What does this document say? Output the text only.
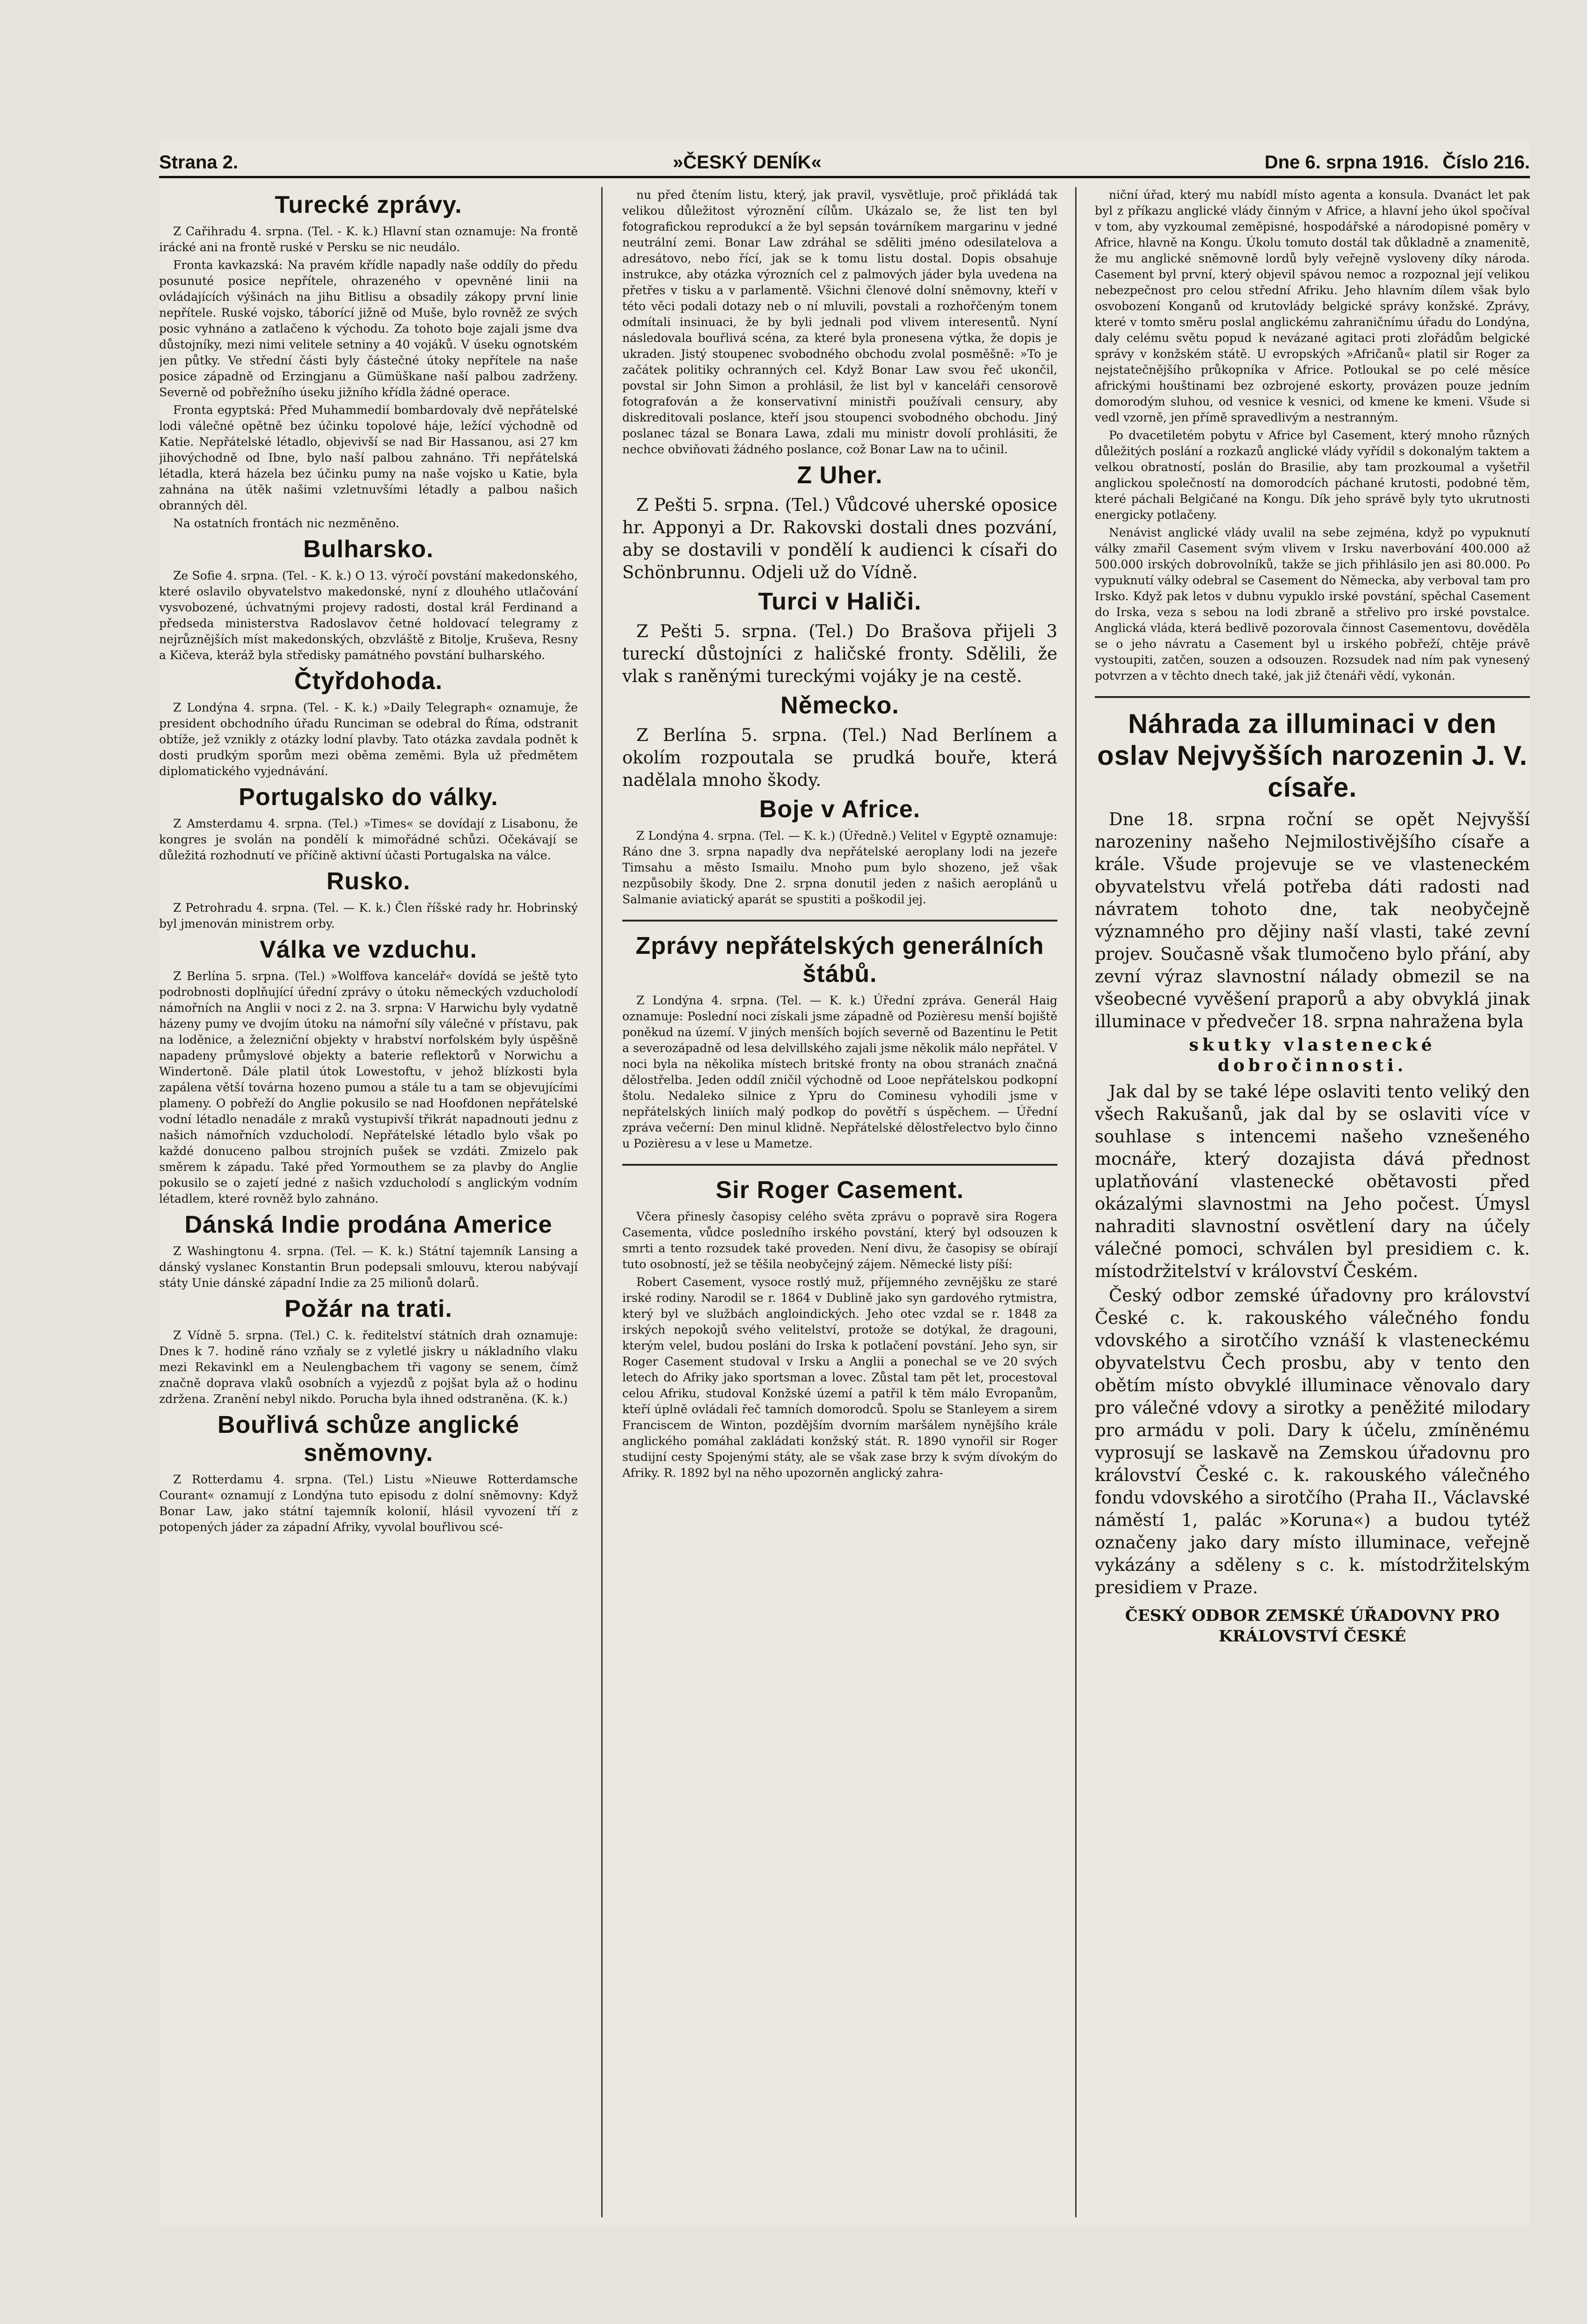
Strana 2.	»ČESKÝ DENÍK«	Dne 6. srpna 1916. Číslo 216.
Turecké zprávy.
Z Cařihradu 4. srpna. (Tel. - K. k.) Hlavní stan oznamuje: Na frontě irácké ani na frontě ruské v Persku se nic neudálo.
Fronta kavkazská: Na pravém křídle napadly naše oddíly do předu posunuté posice nepřítele, ohrazeného v opevněné linii na ovládajících výšinách na jihu Bitlisu a obsadily zákopy první linie nepřítele. Ruské vojsko, táborící jižně od Muše, bylo rovněž ze svých posic vyhnáno a zatlačeno k východu. Za tohoto boje zajali jsme dva důstojníky, mezi nimi velitele setniny a 40 vojáků. V úseku ognotském jen půtky. Ve střední části byly částečné útoky nepřítele na naše posice západně od Erzingjanu a Gümüškane naší palbou zadrženy. Severně od pobřežního úseku jižního křídla žádné operace.
Fronta egyptská: Před Muhammedií bombardovaly dvě nepřátelské lodi válečné opětně bez účinku topolové háje, ležící východně od Katie. Nepřátelské létadlo, objevivší se nad Bir Hassanou, asi 27 km jihovýchodně od Ibne, bylo naší palbou zahnáno. Tři nepřátelská létadla, která házela bez účinku pumy na naše vojsko u Katie, byla zahnána na útěk našimi vzletnuvšími létadly a palbou našich obranných děl.
Na ostatních frontách nic nezměněno.
Bulharsko.
Ze Sofie 4. srpna. (Tel. - K. k.) O 13. výročí povstání makedonského, které oslavilo obyvatelstvo makedonské, nyní z dlouhého utlačování vysvobozené, úchvatnými projevy radosti, dostal král Ferdinand a předseda ministerstva Radoslavov četné holdovací telegramy z nejrůznějších míst makedonských, obzvláště z Bitolje, Kruševa, Resny a Kičeva, kteráž byla středisky památného povstání bulharského.
Čtyřdohoda.
Z Londýna 4. srpna. (Tel. - K. k.) »Daily Telegraph« oznamuje, že president obchodního úřadu Runciman se odebral do Říma, odstranit obtíže, jež vznikly z otázky lodní plavby. Tato otázka zavdala podnět k dosti prudkým sporům mezi oběma zeměmi. Byla už předmětem diplomatického vyjednávání.
Portugalsko do války.
Z Amsterdamu 4. srpna. (Tel.) »Times« se dovídají z Lisabonu, že kongres je svolán na pondělí k mimořádné schůzi. Očekávají se důležitá rozhodnutí ve příčině aktivní účasti Portugalska na válce.
Rusko.
Z Petrohradu 4. srpna. (Tel. — K. k.) Člen říšské rady hr. Hobrinský byl jmenován ministrem orby.
Válka ve vzduchu.
Z Berlína 5. srpna. (Tel.) »Wolffova kancelář« dovídá se ještě tyto podrobnosti doplňující úřední zprávy o útoku německých vzducholodí námořních na Anglii v noci z 2. na 3. srpna: V Harwichu byly vydatně házeny pumy ve dvojím útoku na námořní síly válečné v přístavu, pak na loděnice, a železniční objekty v hrabství norfolském byly úspěšně napadeny průmyslové objekty a baterie reflektorů v Norwichu a Windertoně. Dále platil útok Lowestoftu, v jehož blízkosti byla zapálena větší továrna hozeno pumou a stále tu a tam se objevujícími plameny. O pobřeží do Anglie pokusilo se nad Hoofdonen nepřátelské vodní létadlo nenadále z mraků vystupivší třikrát napadnouti jednu z našich námořních vzducholodí. Nepřátelské létadlo bylo však po každé donuceno palbou strojních pušek se vzdáti. Zmizelo pak směrem k západu. Také před Yormouthem se za plavby do Anglie pokusilo se o zajetí jedné z našich vzducholodí s anglickým vodním létadlem, které rovněž bylo zahnáno.
Dánská Indie prodána Americe
Z Washingtonu 4. srpna. (Tel. — K. k.) Státní tajemník Lansing a dánský vyslanec Konstantin Brun podepsali smlouvu, kterou nabývají státy Unie dánské západní Indie za 25 milionů dolarů.
Požár na trati.
Z Vídně 5. srpna. (Tel.) C. k. ředitelství státních drah oznamuje: Dnes k 7. hodině ráno vzňaly se z vyletlé jiskry u nákladního vlaku mezi Rekavinkl em a Neulengbachem tři vagony se senem, čímž značně doprava vlaků osobních a vyjezdů z pojšat byla až o hodinu zdržena. Zranění nebyl nikdo. Porucha byla ihned odstraněna. (K. k.)
Bouřlivá schůze anglické sněmovny.
Z Rotterdamu 4. srpna. (Tel.) Listu »Nieuwe Rotterdamsche Courant« oznamují z Londýna tuto episodu z dolní sněmovny: Když Bonar Law, jako státní tajemník kolonií, hlásil vyvození tří z potopených jáder za západní Afriky, vyvolal bouřlivou scé-
nu před čtením listu, který, jak pravil, vysvětluje, proč přikládá tak velikou důležitost výroznění cílům. Ukázalo se, že list ten byl fotografickou reprodukcí a že byl sepsán továrníkem margarinu v jedné neutrální zemi. Bonar Law zdráhal se sděliti jméno odesilatelova a adresátovo, nebo řící, jak se k tomu listu dostal. Dopis obsahuje instrukce, aby otázka výrozních cel z palmových jáder byla uvedena na přetřes v tisku a v parlamentě. Všichni členové dolní sněmovny, kteří v této věci podali dotazy neb o ní mluvili, povstali a rozhořčeným tonem odmítali insinuaci, že by byli jednali pod vlivem interesentů. Nyní následovala bouřlivá scéna, za které byla pronesena výtka, že dopis je ukraden. Jistý stoupenec svobodného obchodu zvolal posměšně: »To je začátek politiky ochranných cel. Když Bonar Law svou řeč ukončil, povstal sir John Simon a prohlásil, že list byl v kanceláři censorově fotografován a že konservativní ministři používali censury, aby diskreditovali poslance, kteří jsou stoupenci svobodného obchodu. Jiný poslanec tázal se Bonara Lawa, zdali mu ministr dovolí prohlásiti, že nechce obviňovati žádného poslance, což Bonar Law na to učinil.
Z Uher.
Z Pešti 5. srpna. (Tel.) Vůdcové uherské oposice hr. Apponyi a Dr. Rakovski dostali dnes pozvání, aby se dostavili v pondělí k audienci k císaři do Schönbrunnu. Odjeli už do Vídně.
Turci v Haliči.
Z Pešti 5. srpna. (Tel.) Do Brašova přijeli 3 tureckí důstojníci z haličské fronty. Sdělili, že vlak s raněnými tureckými vojáky je na cestě.
Německo.
Z Berlína 5. srpna. (Tel.) Nad Berlínem a okolím rozpoutala se prudká bouře, která nadělala mnoho škody.
Boje v Africe.
Z Londýna 4. srpna. (Tel. — K. k.) (Úředně.) Velitel v Egyptě oznamuje: Ráno dne 3. srpna napadly dva nepřátelské aeroplany lodi na jezeře Timsahu a město Ismailu. Mnoho pum bylo shozeno, jež však nezpůsobily škody. Dne 2. srpna donutil jeden z našich aeroplánů u Salmanie aviatický aparát se spustiti a poškodil jej.
Zprávy nepřátelských generálních štábů.
Z Londýna 4. srpna. (Tel. — K. k.) Úřední zpráva. Generál Haig oznamuje: Poslední noci získali jsme západně od Pozièresu menší bojiště poněkud na území. V jiných menších bojích severně od Bazentinu le Petit a severozápadně od lesa delvillského zajali jsme několik málo nepřátel. V noci byla na několika místech britské fronty na obou stranách značná dělostřelba. Jeden oddíl zničil východně od Looe nepřátelskou podkopní štolu. Nedaleko silnice z Ypru do Cominesu vyhodili jsme v nepřátelských liniích malý podkop do povětří s úspěchem. — Úřední zpráva večerní: Den minul klidně. Nepřátelské dělostřelectvo bylo činno u Pozièresu a v lese u Mametze.
Sir Roger Casement.
Včera přinesly časopisy celého světa zprávu o popravě sira Rogera Casementa, vůdce posledního irského povstání, který byl odsouzen k smrti a tento rozsudek také proveden. Není divu, že časopisy se obírají tuto osobností, jež se těšila neobyčejný zájem. Německé listy píší:
Robert Casement, vysoce rostlý muž, příjemného zevnějšku ze staré irské rodiny. Narodil se r. 1864 v Dublině jako syn gardového rytmistra, který byl ve službách angloindických. Jeho otec vzdal se r. 1848 za irských nepokojů svého velitelství, protože se dotýkal, že dragouni, kterým velel, budou posláni do Irska k potlačení povstání. Jeho syn, sir Roger Casement studoval v Irsku a Anglii a ponechal se ve 20 svých letech do Afriky jako sportsman a lovec. Zůstal tam pět let, procestoval celou Afriku, studoval Konžské území a patřil k těm málo Evropanům, kteří úplně ovládali řeč tamních domorodců. Spolu se Stanleyem a sirem Franciscem de Winton, pozdějším dvorním maršálem nynějšího krále anglického pomáhal zakládati konžský stát. R. 1890 vynořil sir Roger studijní cesty Spojenými státy, ale se však zase brzy k svým dívokým do Afriky. R. 1892 byl na něho upozorněn anglický zahra-
niční úřad, který mu nabídl místo agenta a konsula. Dvanáct let pak byl z příkazu anglické vlády činným v Africe, a hlavní jeho úkol spočíval v tom, aby vyzkoumal zeměpisné, hospodářské a národopisné poměry v Africe, hlavně na Kongu. Úkolu tomuto dostál tak důkladně a znamenitě, že mu anglické sněmovně lordů byly veřejně vysloveny díky národa. Casement byl první, který objevil spávou nemoc a rozpoznal její velikou nebezpečnost pro celou střední Afriku. Jeho hlavním dílem však bylo osvobození Konganů od krutovlády belgické správy konžské. Zprávy, které v tomto směru poslal anglickému zahraničnímu úřadu do Londýna, daly celému světu popud k nevázané agitaci proti zlořádům belgické správy v konžském státě. U evropských »Afričanů« platil sir Roger za nejstatečnějšího průkopníka v Africe. Potloukal se po celé měsíce africkými houštinami bez ozbrojené eskorty, provázen pouze jedním domorodým sluhou, od vesnice k vesnici, od kmene ke kmeni. Všude si vedl vzorně, jen přímě spravedlivým a nestranným.
Po dvacetiletém pobytu v Africe byl Casement, který mnoho různých důležitých poslání a rozkazů anglické vlády vyřídil s dokonalým taktem a velkou obratností, poslán do Brasilie, aby tam prozkoumal a vyšetřil anglickou společností na domorodcích páchané krutosti, podobné těm, které páchali Belgičané na Kongu. Dík jeho správě byly tyto ukrutnosti energicky potlačeny.
Nenávist anglické vlády uvalil na sebe zejména, když po vypuknutí války zmařil Casement svým vlivem v Irsku naverbování 400.000 až 500.000 irských dobrovolníků, takže se jich přihlásilo jen asi 80.000. Po vypuknutí války odebral se Casement do Německa, aby verboval tam pro Irsko. Když pak letos v dubnu vypuklo irské povstání, spěchal Casement do Irska, veza s sebou na lodi zbraně a střelivo pro irské povstalce. Anglická vláda, která bedlivě pozorovala činnost Casementovu, dověděla se o jeho návratu a Casement byl u irského pobřeží, chtěje právě vystoupiti, zatčen, souzen a odsouzen. Rozsudek nad ním pak vynesený potvrzen a v těchto dnech také, jak již čtenáři vědí, vykonán.
Náhrada za illuminaci v den oslav Nejvyšších narozenin J. V. císaře.
Dne 18. srpna roční se opět Nejvyšší narozeniny našeho Nejmilostivějšího císaře a krále. Všude projevuje se ve vlasteneckém obyvatelstvu vřelá potřeba dáti radosti nad návratem tohoto dne, tak neobyčejně významného pro dějiny naší vlasti, také zevní projev. Současně však tlumočeno bylo přání, aby zevní výraz slavnostní nálady obmezil se na všeobecné vyvěšení praporů a aby obvyklá jinak illuminace v předvečer 18. srpna nahražena byla
skutky vlastenecké dobročinnosti.
Jak dal by se také lépe oslaviti tento veliký den všech Rakušanů, jak dal by se oslaviti více v souhlase s intencemi našeho vznešeného mocnáře, který dozajista dává přednost uplatňování vlastenecké obětavosti před okázalými slavnostmi na Jeho počest. Úmysl nahraditi slavnostní osvětlení dary na účely válečné pomoci, schválen byl presidiem c. k. místodržitelství v království Českém.
Český odbor zemské úřadovny pro království České c. k. rakouského válečného fondu vdovského a sirotčího vznáší k vlasteneckému obyvatelstvu Čech prosbu, aby v tento den obětím místo obvyklé illuminace věnovalo dary pro válečné vdovy a sirotky a peněžité milodary pro armádu v poli. Dary k účelu, zmíněnému vyprosují se laskavě na Zemskou úřadovnu pro království České c. k. rakouského válečného fondu vdovského a sirotčího (Praha II., Václavské náměstí 1, palác »Koruna«) a budou tytéž označeny jako dary místo illuminace, veřejně vykázány a sděleny s c. k. místodržitelským presidiem v Praze.
ČESKÝ ODBOR ZEMSKÉ ÚŘADOVNY PRO KRÁLOVSTVÍ ČESKÉ
